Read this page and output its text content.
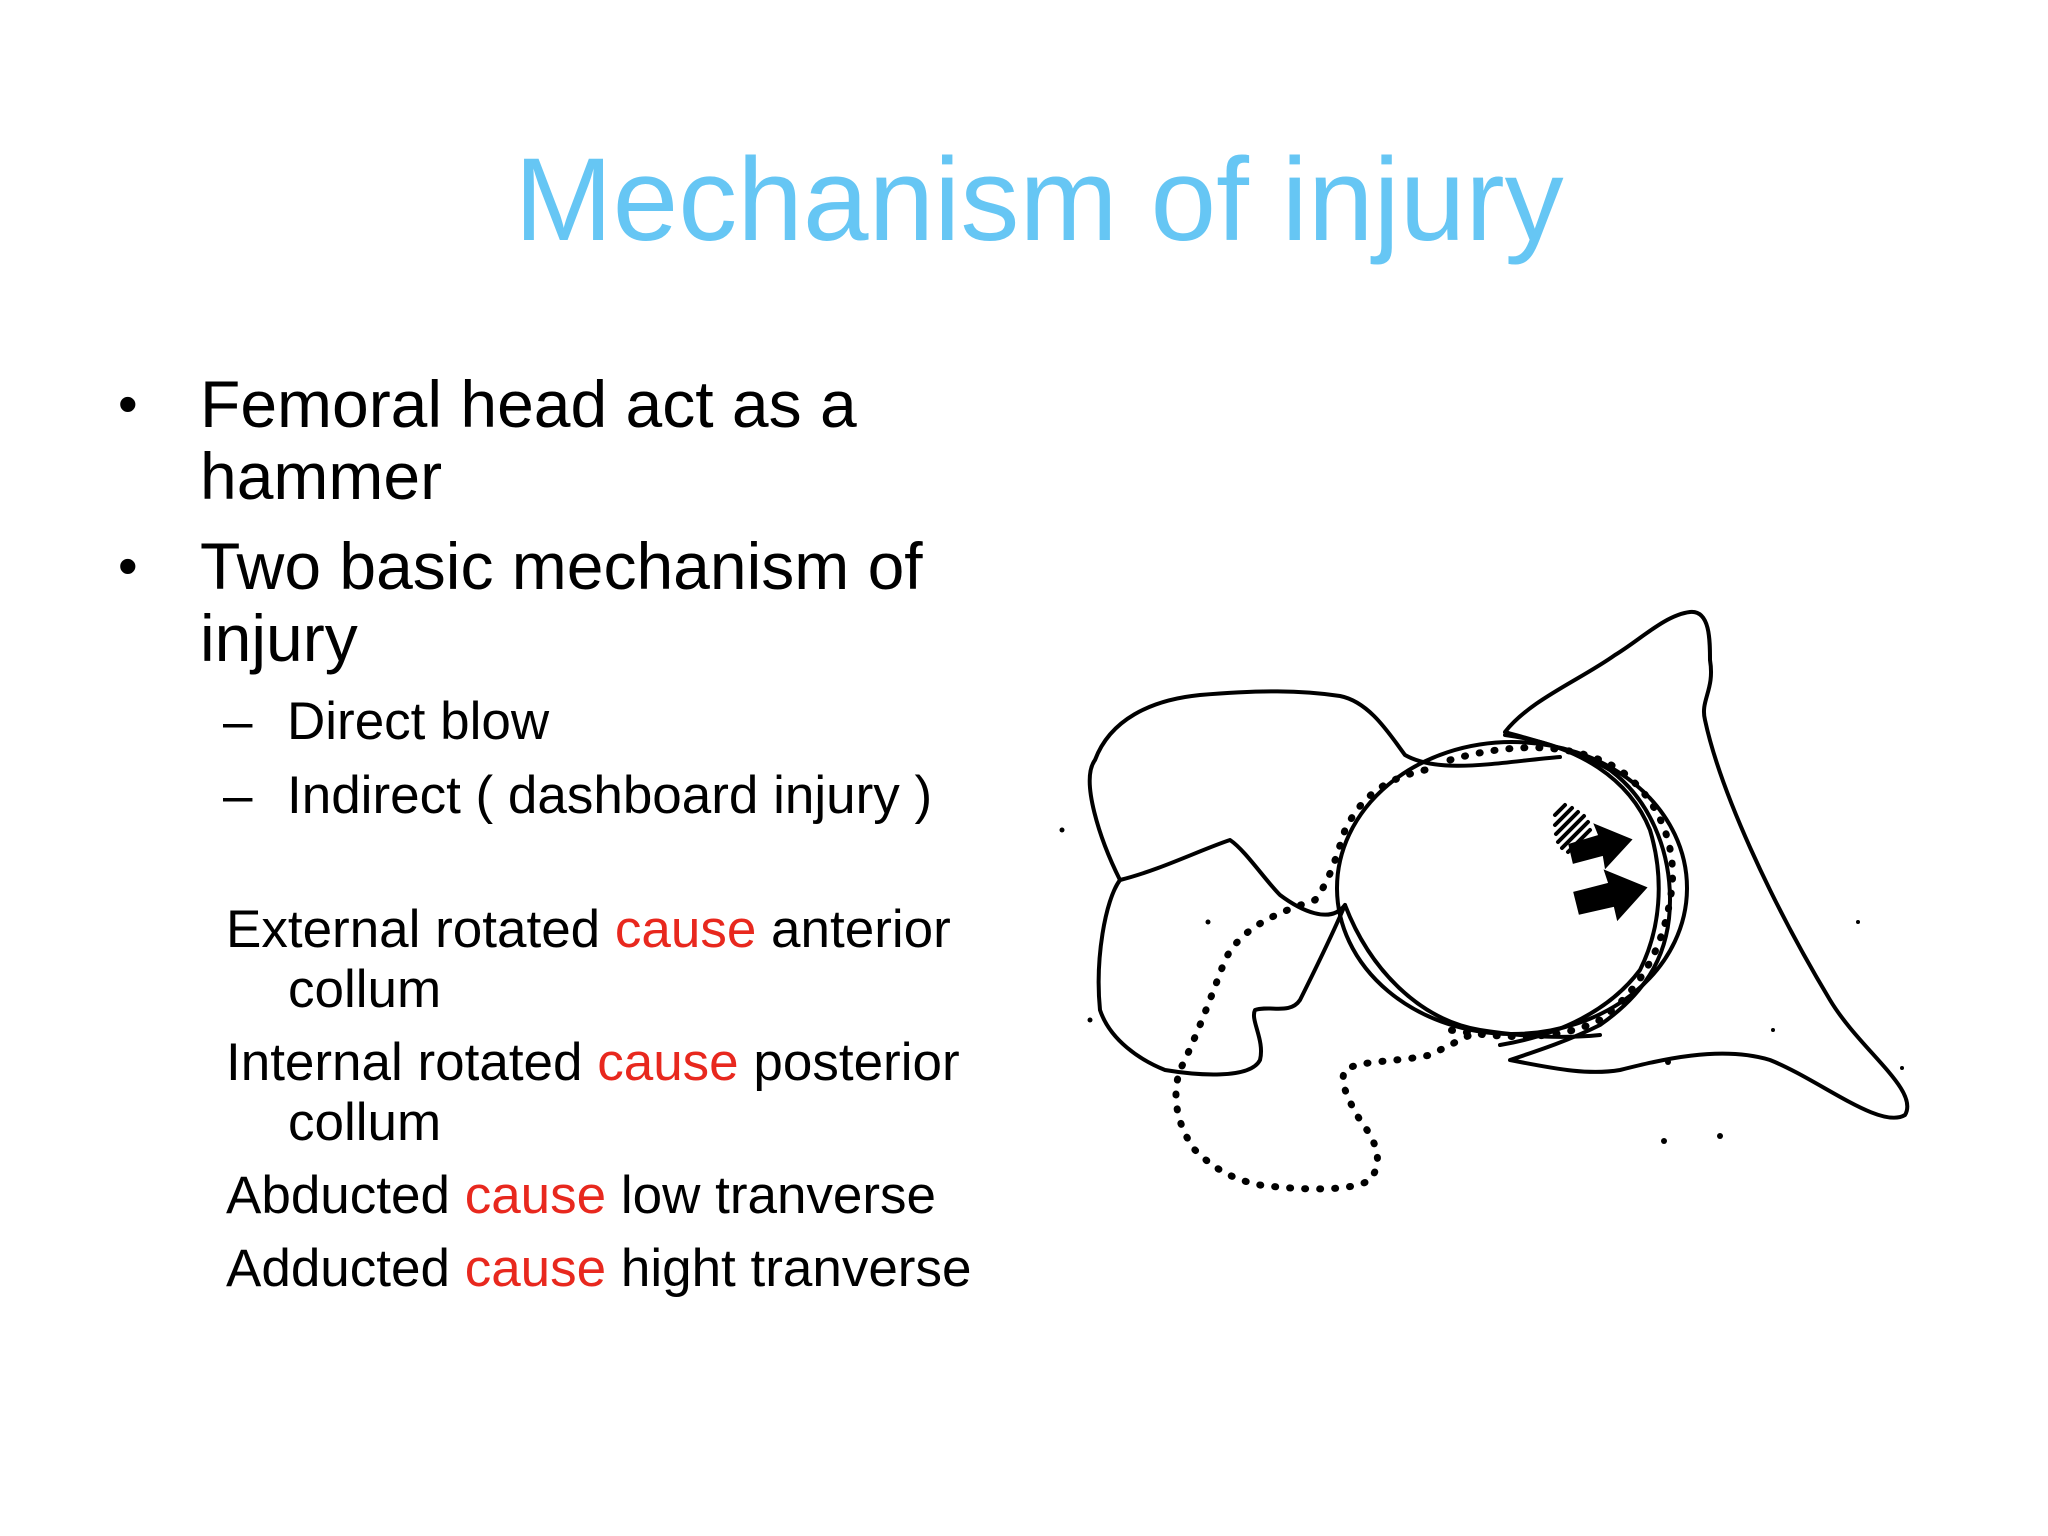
Mechanism of injury
• Femoral head act as a hammer
• Two basic mechanism of injury
– Direct blow
– Indirect ( dashboard injury )
External rotated cause anterior collum
Internal rotated cause posterior collum
Abducted cause low tranverse
Adducted cause hight tranverse
